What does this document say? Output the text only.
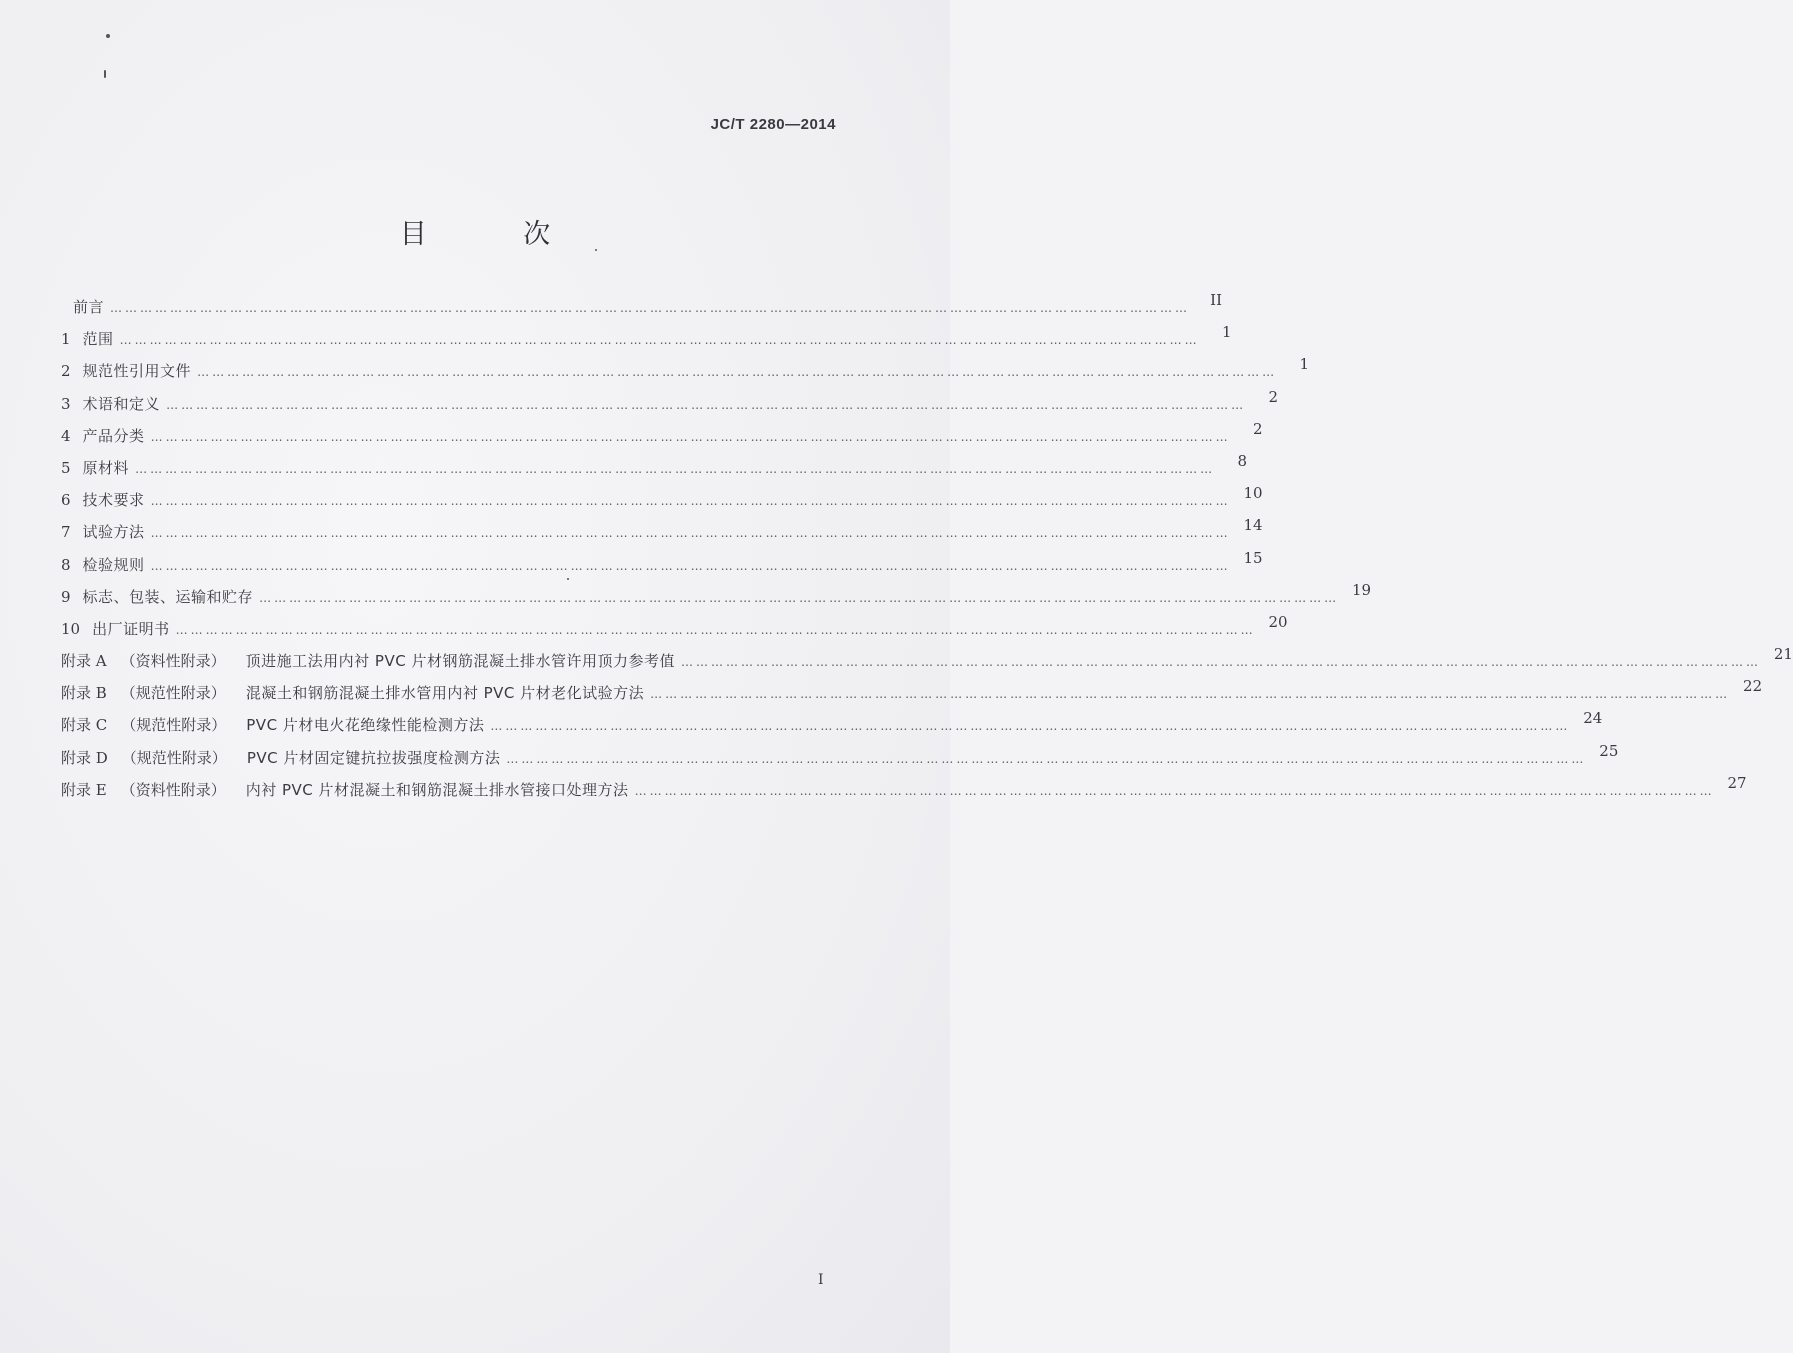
JC/T 2280—2014
目 次
前言 ………………………………………………………………………………………………………………………………………………………………………………………………	II
1 范围 ………………………………………………………………………………………………………………………………………………………………………………………………	1
2 规范性引用文件 ………………………………………………………………………………………………………………………………………………………………………………………………	1
3 术语和定义 ………………………………………………………………………………………………………………………………………………………………………………………………	2
4 产品分类 ………………………………………………………………………………………………………………………………………………………………………………………………	2
5 原材料 ………………………………………………………………………………………………………………………………………………………………………………………………	8
6 技术要求 ……………………………………………………………………………………………………………………………………………………………………………………………… 10
7 试验方法 ……………………………………………………………………………………………………………………………………………………………………………………………… 14
8 检验规则 ……………………………………………………………………………………………………………………………………………………………………………………………… 15
9 标志、包装、运输和贮存 ……………………………………………………………………………………………………………………………………………………………………………………………… 19
10 出厂证明书 ……………………………………………………………………………………………………………………………………………………………………………………………… 20
附录 A （资料性附录） 顶进施工法用内衬 PVC 片材钢筋混凝土排水管许用顶力参考值 ……………………………………………………………………………………………………………………………………………………………………………………………… 21
附录 B （规范性附录） 混凝土和钢筋混凝土排水管用内衬 PVC 片材老化试验方法 ……………………………………………………………………………………………………………………………………………………………………………………………… 22
附录 C （规范性附录） PVC 片材电火花绝缘性能检测方法 ……………………………………………………………………………………………………………………………………………………………………………………………… 24
附录 D （规范性附录） PVC 片材固定键抗拉拔强度检测方法 ……………………………………………………………………………………………………………………………………………………………………………………………… 25
附录 E （资料性附录） 内衬 PVC 片材混凝土和钢筋混凝土排水管接口处理方法 ……………………………………………………………………………………………………………………………………………………………………………………………… 27
I
